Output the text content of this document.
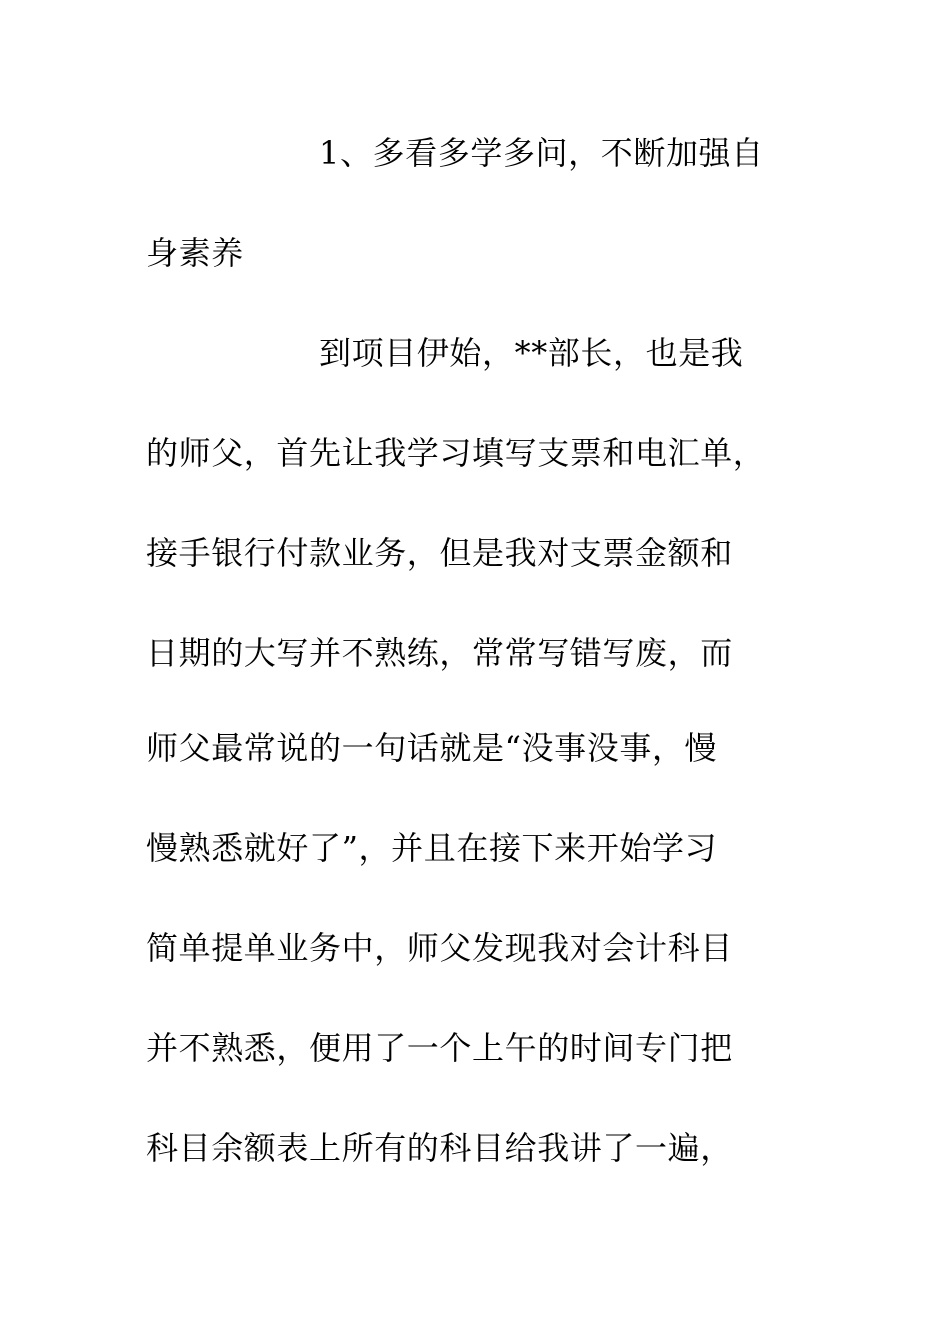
1、多看多学多问，不断加强自
身素养
到项目伊始，**部长，也是我
的师父，首先让我学习填写支票和电汇单，
接手银行付款业务，但是我对支票金额和
日期的大写并不熟练，常常写错写废，而
师父最常说的一句话就是“没事没事，慢
慢熟悉就好了”，并且在接下来开始学习
简单提单业务中，师父发现我对会计科目
并不熟悉，便用了一个上午的时间专门把
科目余额表上所有的科目给我讲了一遍，
